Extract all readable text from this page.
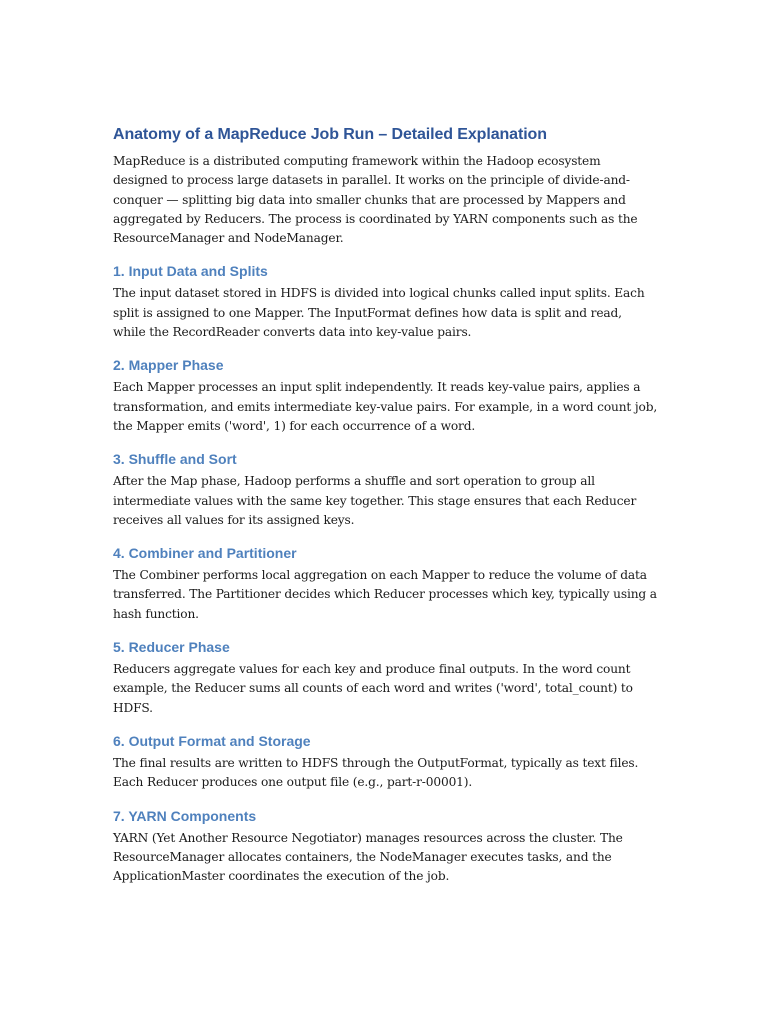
Anatomy of a MapReduce Job Run – Detailed Explanation

MapReduce is a distributed computing framework within the Hadoop ecosystem designed to process large datasets in parallel. It works on the principle of divide-and-conquer — splitting big data into smaller chunks that are processed by Mappers and aggregated by Reducers. The process is coordinated by YARN components such as the ResourceManager and NodeManager.

1. Input Data and Splits

The input dataset stored in HDFS is divided into logical chunks called input splits. Each split is assigned to one Mapper. The InputFormat defines how data is split and read, while the RecordReader converts data into key-value pairs.

2. Mapper Phase

Each Mapper processes an input split independently. It reads key-value pairs, applies a transformation, and emits intermediate key-value pairs. For example, in a word count job, the Mapper emits ('word', 1) for each occurrence of a word.

3. Shuffle and Sort

After the Map phase, Hadoop performs a shuffle and sort operation to group all intermediate values with the same key together. This stage ensures that each Reducer receives all values for its assigned keys.

4. Combiner and Partitioner

The Combiner performs local aggregation on each Mapper to reduce the volume of data transferred. The Partitioner decides which Reducer processes which key, typically using a hash function.

5. Reducer Phase

Reducers aggregate values for each key and produce final outputs. In the word count example, the Reducer sums all counts of each word and writes ('word', total_count) to HDFS.

6. Output Format and Storage

The final results are written to HDFS through the OutputFormat, typically as text files. Each Reducer produces one output file (e.g., part-r-00001).

7. YARN Components

YARN (Yet Another Resource Negotiator) manages resources across the cluster. The ResourceManager allocates containers, the NodeManager executes tasks, and the ApplicationMaster coordinates the execution of the job.
